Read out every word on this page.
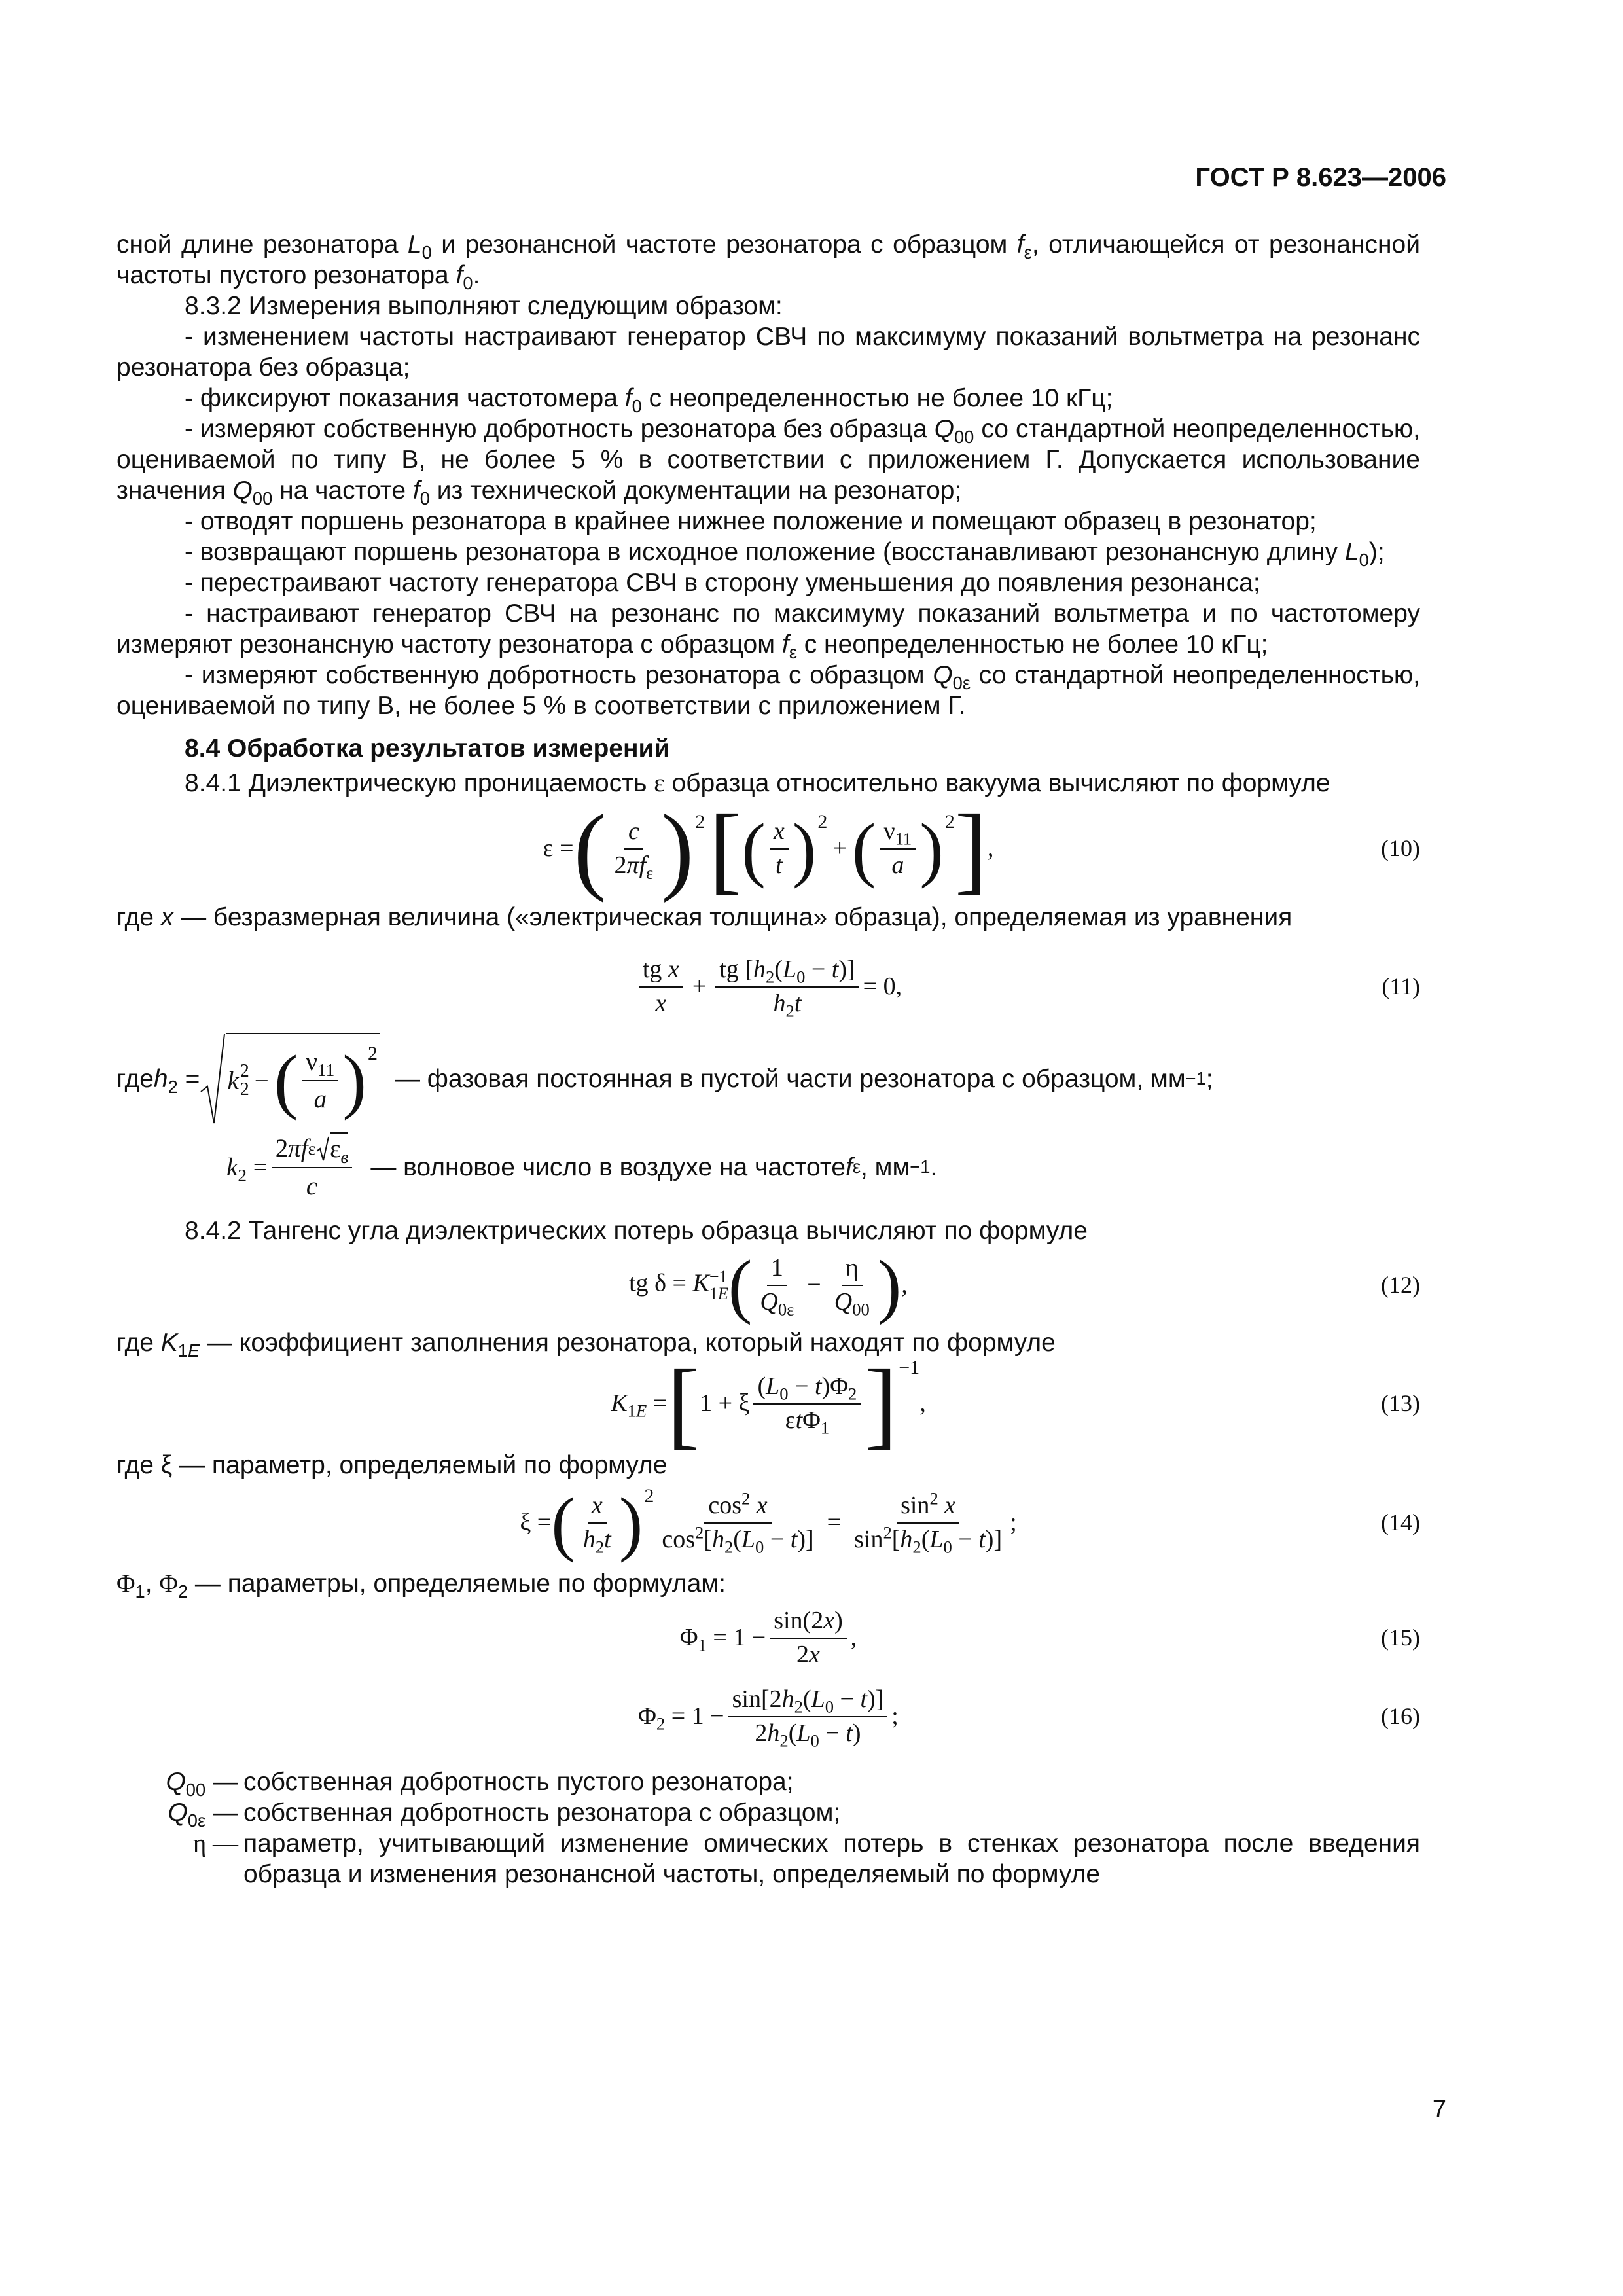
ГОСТ Р 8.623—2006

сной длине резонатора $L_0$ и резонансной частоте резонатора с образцом $f_\varepsilon$, отличающейся от резонансной частоты пустого резонатора $f_0$.

8.3.2 Измерения выполняют следующим образом:

- изменением частоты настраивают генератор СВЧ по максимуму показаний вольтметра на резонанс резонатора без образца;

- фиксируют показания частотомера $f_0$ с неопределенностью не более 10 кГц;

- измеряют собственную добротность резонатора без образца $Q_{00}$ со стандартной неопределенностью, оцениваемой по типу В, не более 5 % в соответствии с приложением Г. Допускается использование значения $Q_{00}$ на частоте $f_0$ из технической документации на резонатор;

- отводят поршень резонатора в крайнее нижнее положение и помещают образец в резонатор;

- возвращают поршень резонатора в исходное положение (восстанавливают резонансную длину $L_0$);

- перестраивают частоту генератора СВЧ в сторону уменьшения до появления резонанса;

- настраивают генератор СВЧ на резонанс по максимуму показаний вольтметра и по частотомеру измеряют резонансную частоту резонатора с образцом $f_\varepsilon$ с неопределенностью не более 10 кГц;

- измеряют собственную добротность резонатора с образцом $Q_{0\varepsilon}$ со стандартной неопределенностью, оцениваемой по типу В, не более 5 % в соответствии с приложением Г.

8.4 Обработка результатов измерений

8.4.1 Диэлектрическую проницаемость ε образца относительно вакуума вычисляют по формуле

ε = ( $\frac{c}{2\pi f_\varepsilon}$ ) 2 [ ( $\frac{x}{t}$ ) 2
+ ( $\frac{\nu_{11}}{a}$ ) 2 ] ,	(10)

где x — безразмерная величина («электрическая толщина» образца), определяемая из уравнения

$\frac{\text{tg x}}{x} + \frac{tg [h_2(L_0 - t)]}{h_2t} = 0$,	(11)
где $h_2 = k$ 2
2 − ( $\frac{\nu_{11}}{a}$ ) 2
— фазовая постоянная в пустой части резонатора с образцом, мм −1 ;
$k_2 = \frac{2 \pi f \varepsilon \varepsilon_в}{c}$ — волновое число в воздухе на частоте f ε , мм −1 .

8.4.2 Тангенс угла диэлектрических потерь образца вычисляют по формуле

tg δ = K −1
1E ( $\frac{1}{Q_{0\varepsilon}} - \frac{\eta}{Q_{00}}$ ) ,	(12)

где $K_{1E}$ — коэффициент заполнения резонатора, который находят по формуле

$K_{1E}$ = [ 1 + ξ $\frac{(L_0 - t)\Phi_2}{\varepsilon t\Phi_1}$ ] −1
,	(13)

где ξ — параметр, определяемый по формуле

ξ = ( $\frac{x}{h_2t}$ ) $2 \frac{\cos^2 x}{\cos^2[h_2(L_0 - t)]} = \frac{\sin^2 x}{\sin^2[h_2(L_0 - t)]}$ ;	(14)

$\Phi_1$, $\Phi_2$ — параметры, определяемые по формулам:

$\Phi_1 = 1 - \frac{\sin(2x)}{2x}$ ,	(15)
$\Phi_2 = 1 - \frac{\sin[2h_2(L_0 - t)]}{2h_2(L_0 - t)}$ ;	(16)
$Q_{00}$ — собственная добротность пустого резонатора;
$Q_{0\varepsilon}$ — собственная добротность резонатора с образцом;
η — параметр, учитывающий изменение омических потерь в стенках резонатора после введения образца и изменения резонансной частоты, определяемый по формуле
7
